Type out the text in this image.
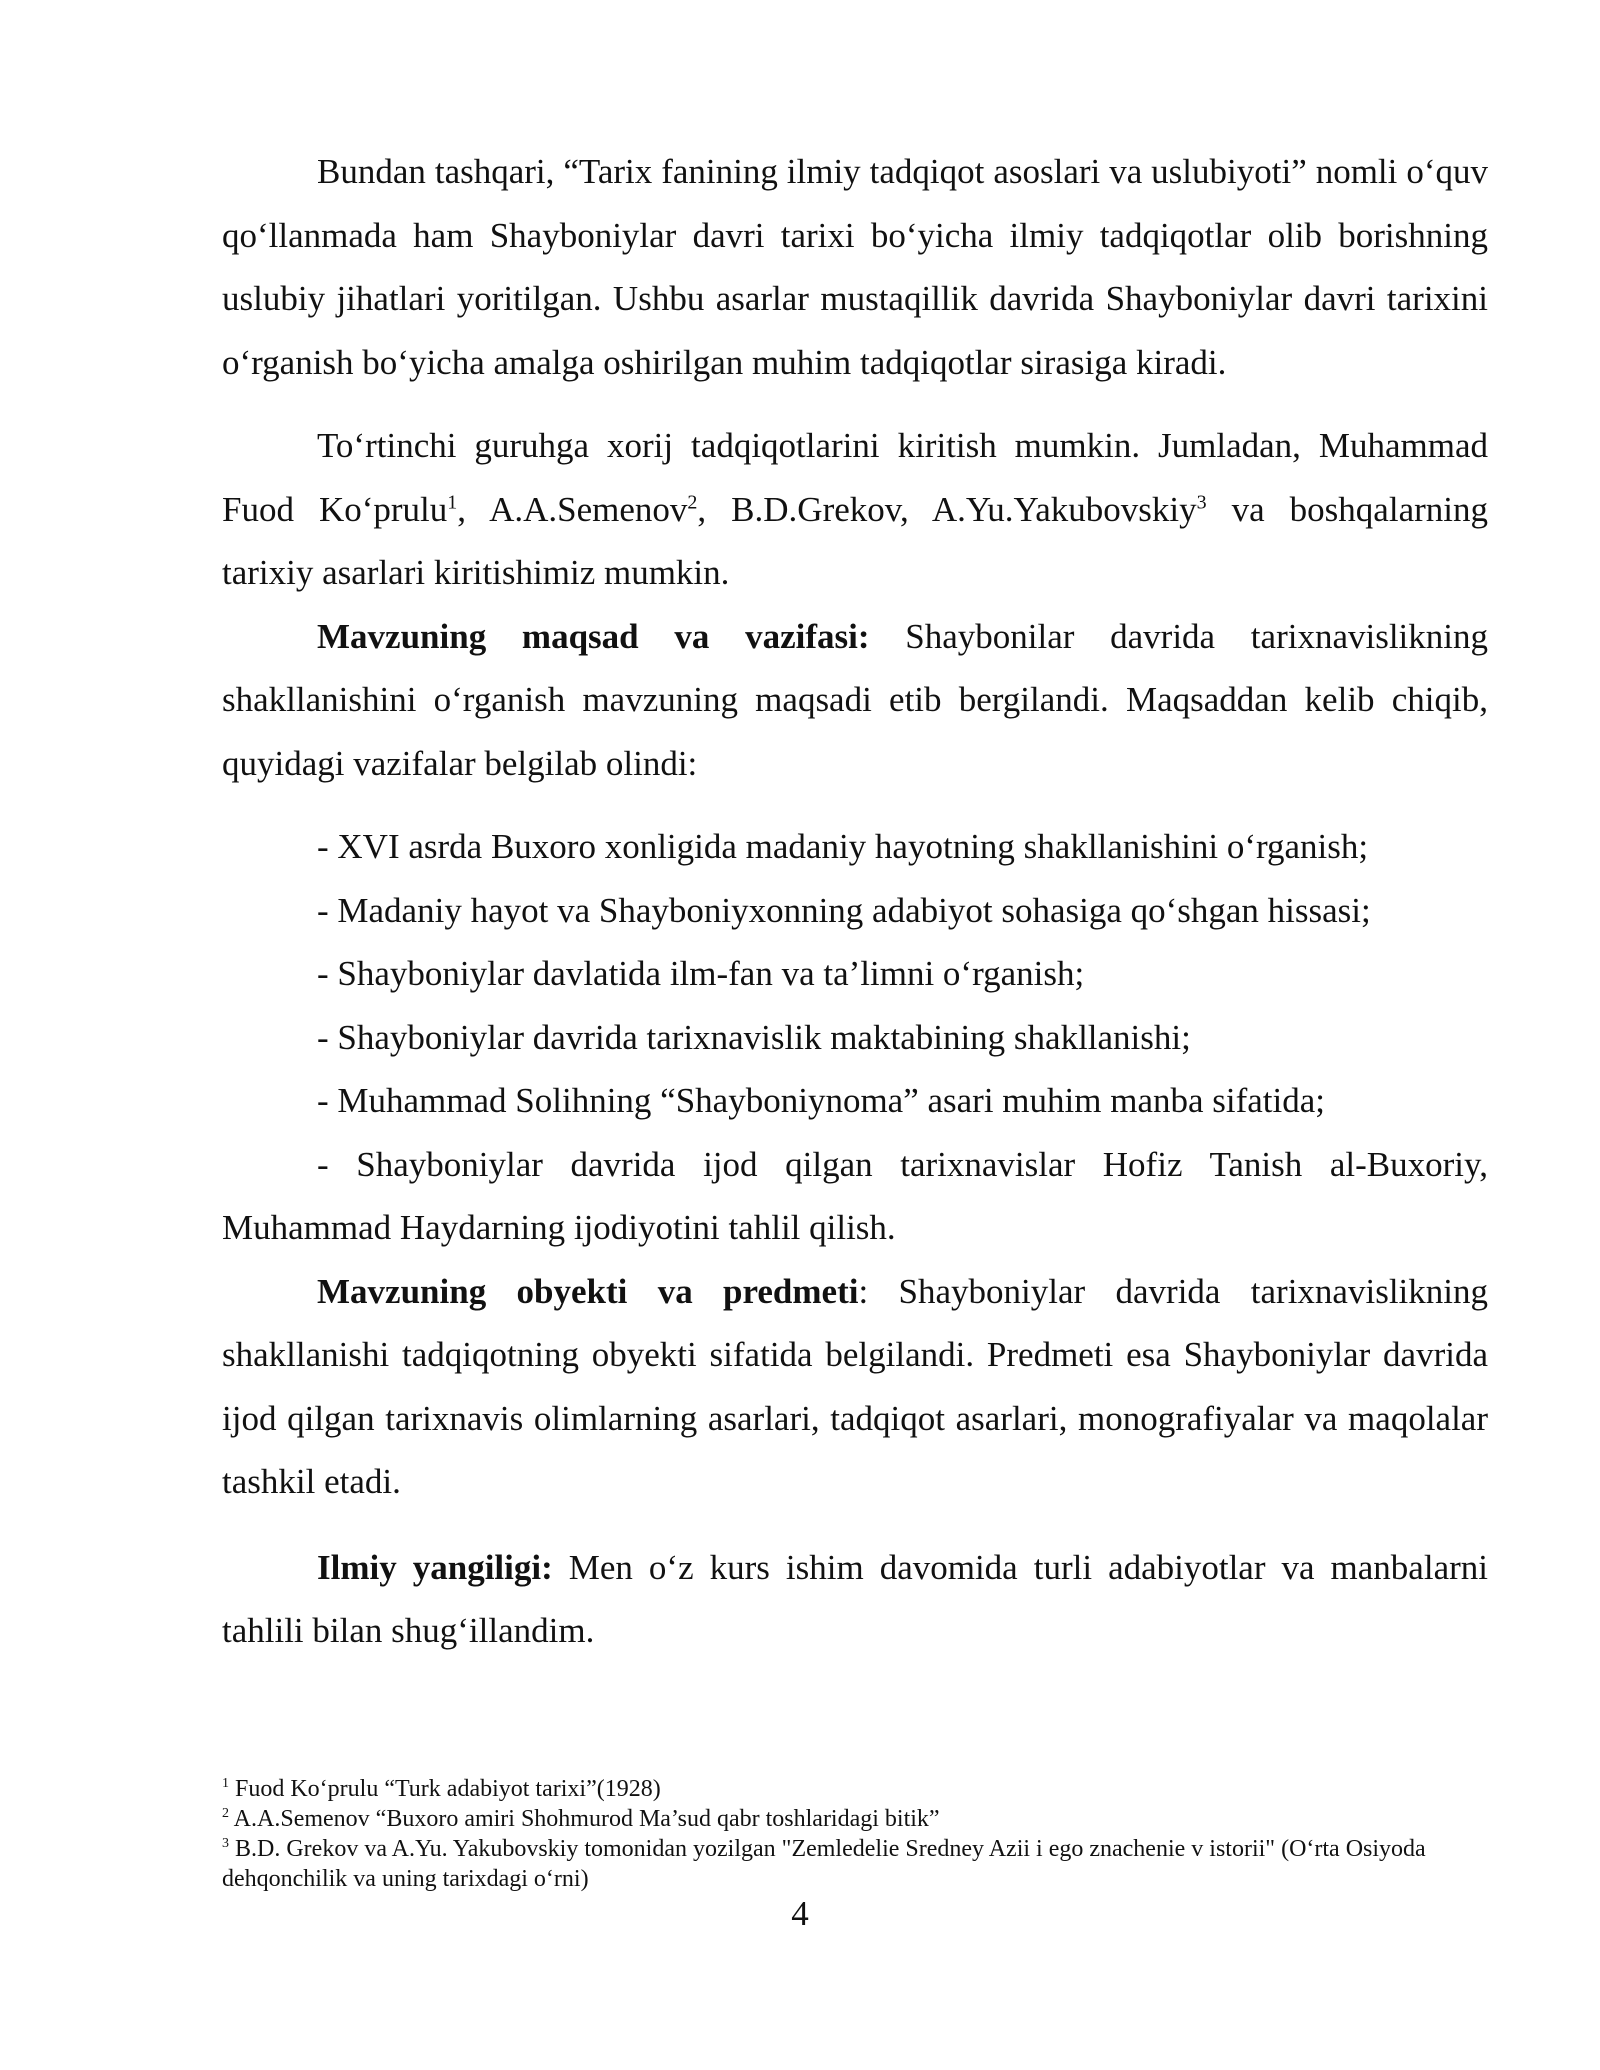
Bundan tashqari, “Tarix fanining ilmiy tadqiqot asoslari va uslubiyoti” nomli o‘quv qo‘llanmada ham Shayboniylar davri tarixi bo‘yicha ilmiy tadqiqotlar olib borishning uslubiy jihatlari yoritilgan. Ushbu asarlar mustaqillik davrida Shayboniylar davri tarixini o‘rganish bo‘yicha amalga oshirilgan muhim tadqiqotlar sirasiga kiradi.

To‘rtinchi guruhga xorij tadqiqotlarini kiritish mumkin. Jumladan, Muhammad Fuod Ko‘prulu$^1$, A.A.Semenov$^2$, B.D.Grekov, A.Yu.Yakubovskiy$^3$ va boshqalarning tarixiy asarlari kiritishimiz mumkin.

Mavzuning maqsad va vazifasi: Shaybonilar davrida tarixnavislikning shakllanishini o‘rganish mavzuning maqsadi etib bergilandi. Maqsaddan kelib chiqib, quyidagi vazifalar belgilab olindi:

- XVI asrda Buxoro xonligida madaniy hayotning shakllanishini o‘rganish;
- Madaniy hayot va Shayboniyxonning adabiyot sohasiga qo‘shgan hissasi;
- Shayboniylar davlatida ilm-fan va ta’limni o‘rganish;
- Shayboniylar davrida tarixnavislik maktabining shakllanishi;
- Muhammad Solihning “Shayboniynoma” asari muhim manba sifatida;
- Shayboniylar davrida ijod qilgan tarixnavislar Hofiz Tanish al-Buxoriy, Muhammad Haydarning ijodiyotini tahlil qilish.

Mavzuning obyekti va predmeti: Shayboniylar davrida tarixnavislikning shakllanishi tadqiqotning obyekti sifatida belgilandi. Predmeti esa Shayboniylar davrida ijod qilgan tarixnavis olimlarning asarlari, tadqiqot asarlari, monografiyalar va maqolalar tashkil etadi.

Ilmiy yangiligi: Men o‘z kurs ishim davomida turli adabiyotlar va manbalarni tahlili bilan shug‘illandim.

$^1$ Fuod Ko‘prulu “Turk adabiyot tarixi”(1928)

$^2$ A.A.Semenov “Buxoro amiri Shohmurod Ma’sud qabr toshlaridagi bitik”

$^3$ B.D. Grekov va A.Yu. Yakubovskiy tomonidan yozilgan "Zemledelie Sredney Azii i ego znachenie v istorii" (O‘rta Osiyoda dehqonchilik va uning tarixdagi o‘rni)

4
